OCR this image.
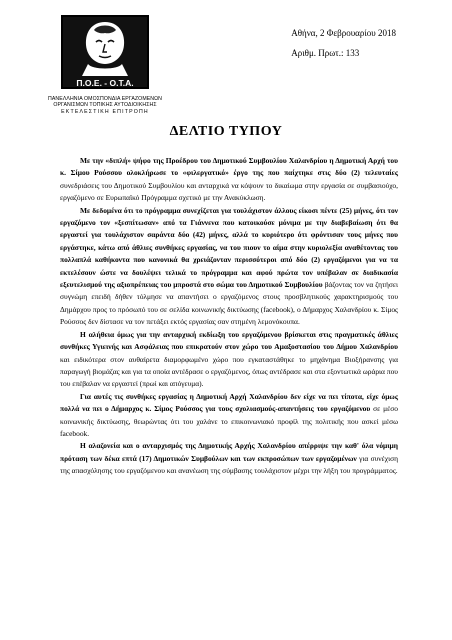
Π.Ο.Ε. - Ο.Τ.Α.
ΠΑΝΕΛΛΗΝΙΑ ΟΜΟΣΠΟΝΔΙΑ ΕΡΓΑΖΟΜΕΝΩΝ
ΟΡΓΑΝΙΣΜΩΝ ΤΟΠΙΚΗΣ ΑΥΤΟΔΙΟΙΚΗΣΗΣ
ΕΚΤΕΛΕΣΤΙΚΗ ΕΠΙΤΡΟΠΗ
Αθήνα, 2 Φεβρουαρίου 2018
Αριθμ. Πρωτ.: 133
ΔΕΛΤΙΟ ΤΥΠΟΥ

Με την «διπλή» ψήφο της Προέδρου του Δημοτικού Συμβουλίου Χαλανδρίου η Δημοτική Αρχή του κ. Σίμου Ρούσσου ολοκλήρωσε το «φιλεργατικό» έργο της που παίχτηκε στις δύο (2) τελευταίες συνεδριάσεις του Δημοτικού Συμβουλίου και ανταρχικά να κόψουν το δικαίωμα στην εργασία σε συμβασιούχο, εργαζόμενο σε Ευρωπαϊκό Πρόγραμμα σχετικό με την Ανακύκλωση.

Με δεδομένα ότι το πρόγραμμα συνεχίζεται για τουλάχιστον άλλους είκοσι πέντε (25) μήνες, ότι τον εργαζόμενο τον «ξεσπίτωσαν» από τα Γιάννενα που κατοικούσε μόνιμα με την διαβεβαίωση ότι θα εργαστεί για τουλάχιστον σαράντα δύο (42) μήνες, αλλά το κυριότερο ότι φρόντισαν τους μήνες που εργάστηκε, κάτω από άθλιες συνθήκες εργασίας, να του πιουν το αίμα στην κυριολεξία αναθέτοντας του πολλαπλά καθήκοντα που κανονικά θα χρειάζονταν περισσότεροι από δύο (2) εργαζόμενοι για να τα εκτελέσουν ώστε να δουλέψει τελικά το πρόγραμμα και αφού πρώτα τον υπέβαλαν σε διαδικασία εξευτελισμού της αξιοπρέπειας του μπροστά στο σώμα του Δημοτικού Συμβουλίου βάζοντας τον να ζητήσει συγνώμη επειδή δήθεν τόλμησε να απαντήσει ο εργαζόμενος στους προσβλητικούς χαρακτηρισμούς του Δημάρχου προς το πρόσωπό του σε σελίδα κοινωνικής δικτύωσης (facebook), ο Δήμαρχος Χαλανδρίου κ. Σίμος Ρούσσος δεν δίστασε να τον πετάξει εκτός εργασίας σαν στημένη λεμονόκουπα.

Η αλήθεια όμως για την ανταρχική εκδίωξη του εργαζόμενου βρίσκεται στις πραγματικές άθλιες συνθήκες Υγιεινής και Ασφάλειας που επικρατούν στον χώρο του Αμαξοστασίου του Δήμου Χαλανδρίου και ειδικότερα στον αυθαίρετα διαμορφωμένο χώρο που εγκαταστάθηκε το μηχάνημα Βιοξήρανσης για παραγωγή βιομάζας και για τα οποία αντέδρασε ο εργαζόμενος, όπως αντέδρασε και στα εξοντωτικά ωράρια που του επέβαλαν να εργαστεί (πρωί και απόγευμα).

Για αυτές τις συνθήκες εργασίας η Δημοτική Αρχή Χαλανδρίου δεν είχε να πει τίποτα, είχε όμως πολλά να πει ο Δήμαρχος κ. Σίμος Ρούσσος για τους σχολιασμούς-απαντήσεις του εργαζόμενου σε μέσο κοινωνικής δικτύωσης, θεωρώντας ότι του χαλάνε το επικοινωνιακό προφίλ της πολιτικής που ασκεί μέσω facebook.

Η αλαζονεία και ο ανταρχισμός της Δημοτικής Αρχής Χαλανδρίου απέρριψε την καθ' όλα νόμιμη πρόταση των δέκα επτά (17) Δημοτικών Συμβούλων και των εκπροσώπων των εργαζομένων για συνέχιση της απασχόλησης του εργαζόμενου και ανανέωση της σύμβασης τουλάχιστον μέχρι την λήξη του προγράμματος.
